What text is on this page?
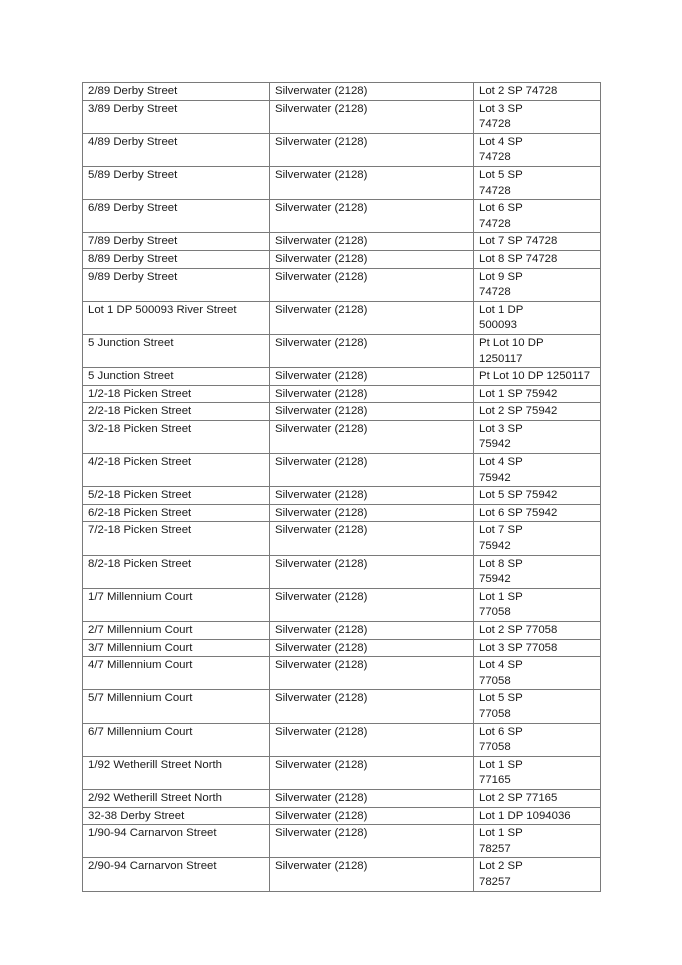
2/89 Derby Street	Silverwater (2128)	Lot 2 SP 74728
3/89 Derby Street	Silverwater (2128)	Lot 3 SP
74728
4/89 Derby Street	Silverwater (2128)	Lot 4 SP
74728
5/89 Derby Street	Silverwater (2128)	Lot 5 SP
74728
6/89 Derby Street	Silverwater (2128)	Lot 6 SP
74728
7/89 Derby Street	Silverwater (2128)	Lot 7 SP 74728
8/89 Derby Street	Silverwater (2128)	Lot 8 SP 74728
9/89 Derby Street	Silverwater (2128)	Lot 9 SP
74728
Lot 1 DP 500093 River Street	Silverwater (2128)	Lot 1 DP
500093
5 Junction Street	Silverwater (2128)	Pt Lot 10 DP
1250117
5 Junction Street	Silverwater (2128)	Pt Lot 10 DP 1250117
1/2-18 Picken Street	Silverwater (2128)	Lot 1 SP 75942
2/2-18 Picken Street	Silverwater (2128)	Lot 2 SP 75942
3/2-18 Picken Street	Silverwater (2128)	Lot 3 SP
75942
4/2-18 Picken Street	Silverwater (2128)	Lot 4 SP
75942
5/2-18 Picken Street	Silverwater (2128)	Lot 5 SP 75942
6/2-18 Picken Street	Silverwater (2128)	Lot 6 SP 75942
7/2-18 Picken Street	Silverwater (2128)	Lot 7 SP
75942
8/2-18 Picken Street	Silverwater (2128)	Lot 8 SP
75942
1/7 Millennium Court	Silverwater (2128)	Lot 1 SP
77058
2/7 Millennium Court	Silverwater (2128)	Lot 2 SP 77058
3/7 Millennium Court	Silverwater (2128)	Lot 3 SP 77058
4/7 Millennium Court	Silverwater (2128)	Lot 4 SP
77058
5/7 Millennium Court	Silverwater (2128)	Lot 5 SP
77058
6/7 Millennium Court	Silverwater (2128)	Lot 6 SP
77058
1/92 Wetherill Street North	Silverwater (2128)	Lot 1 SP
77165
2/92 Wetherill Street North	Silverwater (2128)	Lot 2 SP 77165
32-38 Derby Street	Silverwater (2128)	Lot 1 DP 1094036
1/90-94 Carnarvon Street	Silverwater (2128)	Lot 1 SP
78257
2/90-94 Carnarvon Street	Silverwater (2128)	Lot 2 SP
78257
